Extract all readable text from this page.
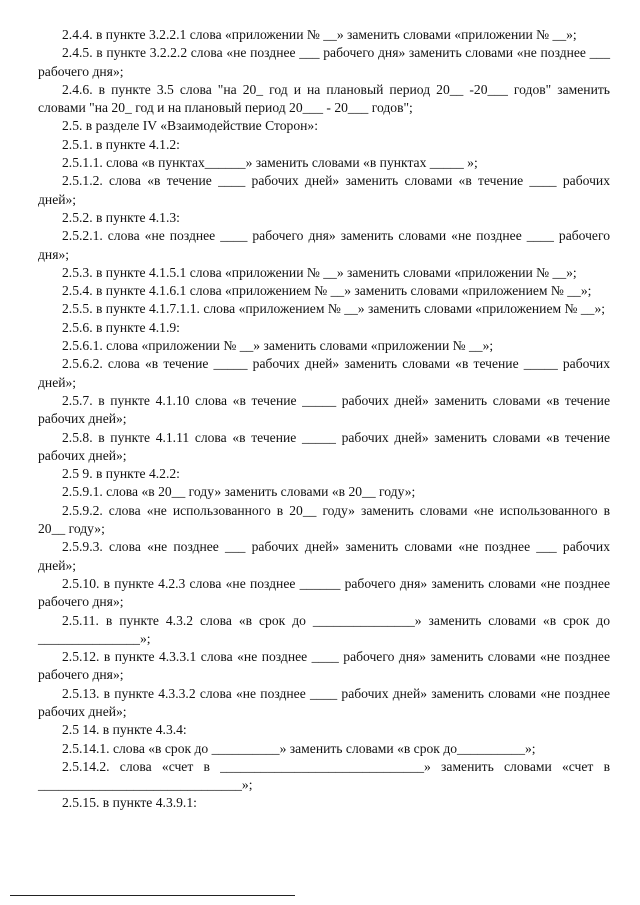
2.4.4. в пункте 3.2.2.1 слова «приложении № __» заменить словами «приложении № __»;

2.4.5. в пункте 3.2.2.2 слова «не позднее ___ рабочего дня» заменить словами «не позднее ___ рабочего дня»;

2.4.6. в пункте 3.5 слова "на 20_ год и на плановый период 20__ -20___ годов" заменить словами "на 20_ год и на плановый период 20___ - 20___ годов";

2.5. в разделе IV «Взаимодействие Сторон»:

2.5.1. в пункте 4.1.2:

2.5.1.1. слова «в пунктах______» заменить словами «в пунктах _____ »;

2.5.1.2. слова «в течение ____ рабочих дней» заменить словами «в течение ____ рабочих дней»;

2.5.2. в пункте 4.1.3:

2.5.2.1. слова «не позднее ____ рабочего дня» заменить словами «не позднее ____ рабочего дня»;

2.5.3. в пункте 4.1.5.1 слова «приложении № __» заменить словами «приложении № __»;

2.5.4. в пункте 4.1.6.1 слова «приложением № __» заменить словами «приложением № __»;

2.5.5. в пункте 4.1.7.1.1. слова «приложением № __» заменить словами «приложением № __»;

2.5.6. в пункте 4.1.9:

2.5.6.1. слова «приложении № __» заменить словами «приложении № __»;

2.5.6.2. слова «в течение _____ рабочих дней» заменить словами «в течение _____ рабочих дней»;

2.5.7. в пункте 4.1.10 слова «в течение _____ рабочих дней» заменить словами «в течение рабочих дней»;

2.5.8. в пункте 4.1.11 слова «в течение _____ рабочих дней» заменить словами «в течение рабочих дней»;

2.5 9. в пункте 4.2.2:

2.5.9.1. слова «в 20__ году» заменить словами «в 20__ году»;

2.5.9.2. слова «не использованного в 20__ году» заменить словами «не использованного в 20__ году»;

2.5.9.3. слова «не позднее ___ рабочих дней» заменить словами «не позднее ___ рабочих дней»;

2.5.10. в пункте 4.2.3 слова «не позднее ______ рабочего дня» заменить словами «не позднее рабочего дня»;

2.5.11. в пункте 4.3.2 слова «в срок до _______________» заменить словами «в срок до _______________»;

2.5.12. в пункте 4.3.3.1 слова «не позднее ____ рабочего дня» заменить словами «не позднее рабочего дня»;

2.5.13. в пункте 4.3.3.2 слова «не позднее ____ рабочих дней» заменить словами «не позднее рабочих дней»;

2.5 14. в пункте 4.3.4:

2.5.14.1. слова «в срок до __________» заменить словами «в срок до__________»;

2.5.14.2. слова «счет в ______________________________» заменить словами «счет в ______________________________»;

2.5.15. в пункте 4.3.9.1:
